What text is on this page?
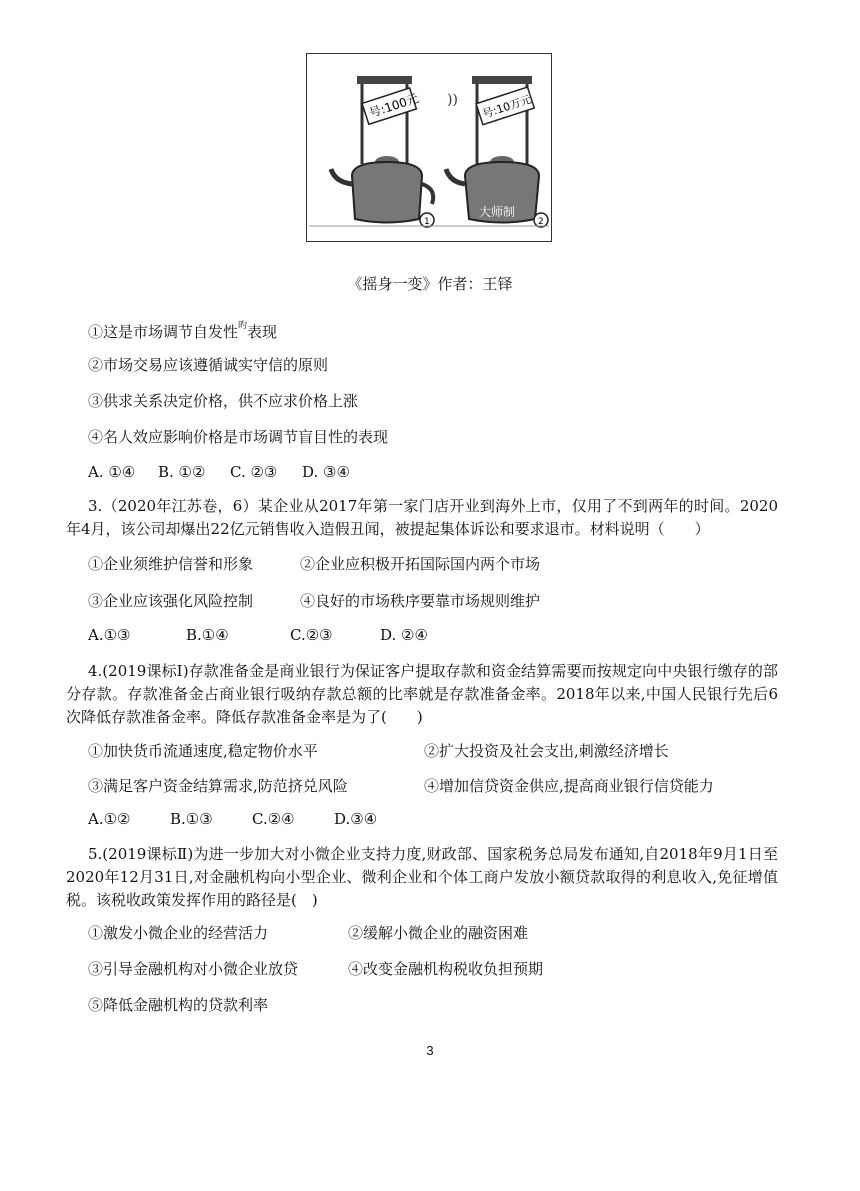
号:100元
1
)) 号:10万元
大师制
2
《摇身一变》作者：王铎
①这是市场调节自发性$^旳$表现
②市场交易应该遵循诚实守信的原则
③供求关系决定价格，供不应求价格上涨
④名人效应影响价格是市场调节盲目性的表现
A. ①④ B. ①② C. ②③ D. ③④
3.（2020年江苏卷，6）某企业从2017年第一家门店开业到海外上市，仅用了不到两年的时间。2020年4月，该公司却爆出22亿元销售收入造假丑闻，被提起集体诉讼和要求退市。材料说明（　　）
①企业须维护信誉和形象	②企业应积极开拓国际国内两个市场
③企业应该强化风险控制	④良好的市场秩序要靠市场规则维护
A.①③	B.①④	C.②③	D. ②④
4.(2019课标Ⅰ)存款准备金是商业银行为保证客户提取存款和资金结算需要而按规定向中央银行缴存的部分存款。存款准备金占商业银行吸纳存款总额的比率就是存款准备金率。2018年以来,中国人民银行先后6次降低存款准备金率。降低存款准备金率是为了(　　)
①加快货币流通速度,稳定物价水平	②扩大投资及社会支出,刺激经济增长
③满足客户资金结算需求,防范挤兑风险	④增加信贷资金供应,提高商业银行信贷能力
A.①②	B.①③	C.②④	D.③④
5.(2019课标Ⅱ)为进一步加大对小微企业支持力度,财政部、国家税务总局发布通知,自2018年9月1日至2020年12月31日,对金融机构向小型企业、微利企业和个体工商户发放小额贷款取得的利息收入,免征增值税。该税收政策发挥作用的路径是(　)
①激发小微企业的经营活力	②缓解小微企业的融资困难
③引导金融机构对小微企业放贷	④改变金融机构税收负担预期
⑤降低金融机构的贷款利率
3
